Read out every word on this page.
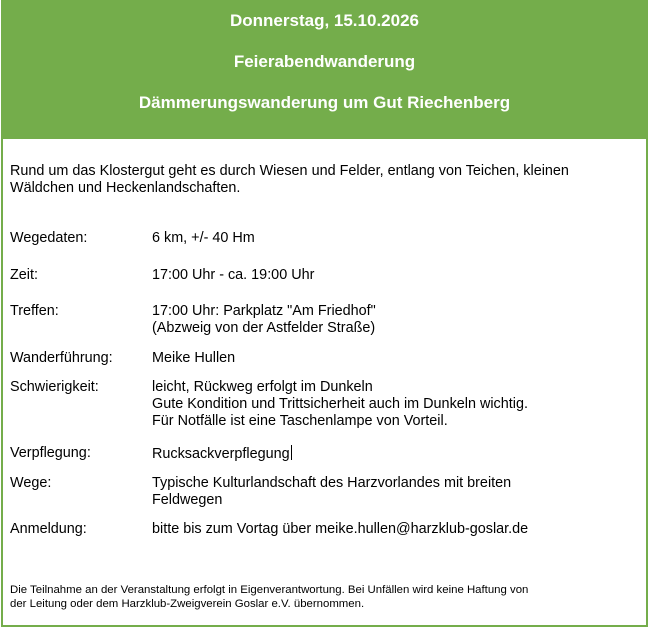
Donnerstag, 15.10.2026
Feierabendwanderung
Dämmerungswanderung um Gut Riechenberg
Rund um das Klostergut geht es durch Wiesen und Felder, entlang von Teichen, kleinen
Wäldchen und Heckenlandschaften.
Wegedaten:	6 km, +/- 40 Hm
Zeit:	17:00 Uhr - ca. 19:00 Uhr
Treffen:	17:00 Uhr: Parkplatz "Am Friedhof"
(Abzweig von der Astfelder Straße)
Wanderführung:	Meike Hullen
Schwierigkeit:	leicht, Rückweg erfolgt im Dunkeln
Gute Kondition und Trittsicherheit auch im Dunkeln wichtig.
Für Notfälle ist eine Taschenlampe von Vorteil.
Verpflegung:	Rucksackverpflegung
Wege:	Typische Kulturlandschaft des Harzvorlandes mit breiten
Feldwegen
Anmeldung:	bitte bis zum Vortag über meike.hullen@harzklub-goslar.de
Die Teilnahme an der Veranstaltung erfolgt in Eigenverantwortung. Bei Unfällen wird keine Haftung von
der Leitung oder dem Harzklub-Zweigverein Goslar e.V. übernommen.
